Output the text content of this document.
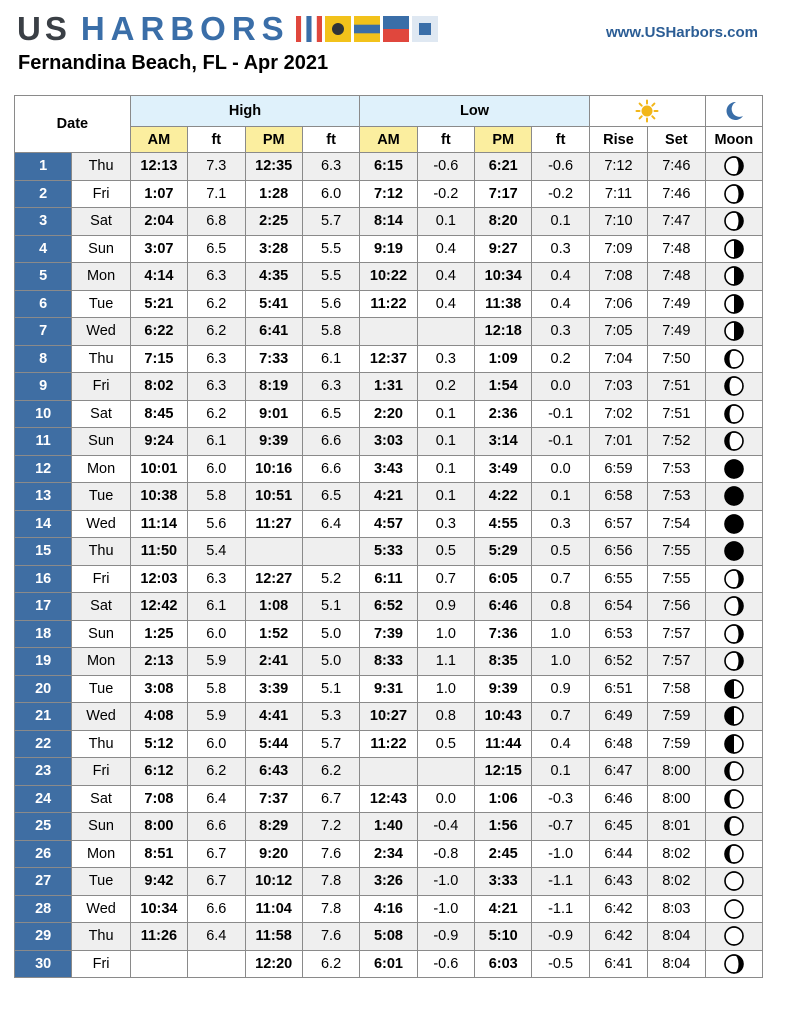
US HARBORS	www.USHarbors.com
Fernandina Beach, FL - Apr 2021
Date		High				Low	

		AM	ft	PM	ft	AM	ft	PM	ft	Rise	Set	Moon
1	Thu	12:13	7.3	12:35	6.3	6:15	-0.6	6:21	-0.6	7:12	7:46	

2	Fri	1:07	7.1	1:28	6.0	7:12	-0.2	7:17	-0.2	7:11	7:46	

3	Sat	2:04	6.8	2:25	5.7	8:14	0.1	8:20	0.1	7:10	7:47	

4	Sun	3:07	6.5	3:28	5.5	9:19	0.4	9:27	0.3	7:09	7:48	

5	Mon	4:14	6.3	4:35	5.5	10:22	0.4	10:34	0.4	7:08	7:48	

6	Tue	5:21	6.2	5:41	5.6	11:22	0.4	11:38	0.4	7:06	7:49	

7	Wed	6:22	6.2	6:41	5.8			12:18	0.3	7:05	7:49	

8	Thu	7:15	6.3	7:33	6.1	12:37	0.3	1:09	0.2	7:04	7:50	

9	Fri	8:02	6.3	8:19	6.3	1:31	0.2	1:54	0.0	7:03	7:51	

10	Sat	8:45	6.2	9:01	6.5	2:20	0.1	2:36	-0.1	7:02	7:51	

11	Sun	9:24	6.1	9:39	6.6	3:03	0.1	3:14	-0.1	7:01	7:52	

12	Mon	10:01	6.0	10:16	6.6	3:43	0.1	3:49	0.0	6:59	7:53	

13	Tue	10:38	5.8	10:51	6.5	4:21	0.1	4:22	0.1	6:58	7:53	

14	Wed	11:14	5.6	11:27	6.4	4:57	0.3	4:55	0.3	6:57	7:54	

15	Thu	11:50	5.4			5:33	0.5	5:29	0.5	6:56	7:55	

16	Fri	12:03	6.3	12:27	5.2	6:11	0.7	6:05	0.7	6:55	7:55	

17	Sat	12:42	6.1	1:08	5.1	6:52	0.9	6:46	0.8	6:54	7:56	

18	Sun	1:25	6.0	1:52	5.0	7:39	1.0	7:36	1.0	6:53	7:57	

19	Mon	2:13	5.9	2:41	5.0	8:33	1.1	8:35	1.0	6:52	7:57	

20	Tue	3:08	5.8	3:39	5.1	9:31	1.0	9:39	0.9	6:51	7:58	

21	Wed	4:08	5.9	4:41	5.3	10:27	0.8	10:43	0.7	6:49	7:59	

22	Thu	5:12	6.0	5:44	5.7	11:22	0.5	11:44	0.4	6:48	7:59	

23	Fri	6:12	6.2	6:43	6.2			12:15	0.1	6:47	8:00	

24	Sat	7:08	6.4	7:37	6.7	12:43	0.0	1:06	-0.3	6:46	8:00	

25	Sun	8:00	6.6	8:29	7.2	1:40	-0.4	1:56	-0.7	6:45	8:01	

26	Mon	8:51	6.7	9:20	7.6	2:34	-0.8	2:45	-1.0	6:44	8:02	

27	Tue	9:42	6.7	10:12	7.8	3:26	-1.0	3:33	-1.1	6:43	8:02	

28	Wed	10:34	6.6	11:04	7.8	4:16	-1.0	4:21	-1.1	6:42	8:03	

29	Thu	11:26	6.4	11:58	7.6	5:08	-0.9	5:10	-0.9	6:42	8:04	

30	Fri			12:20	6.2	6:01	-0.6	6:03	-0.5	6:41	8:04	
